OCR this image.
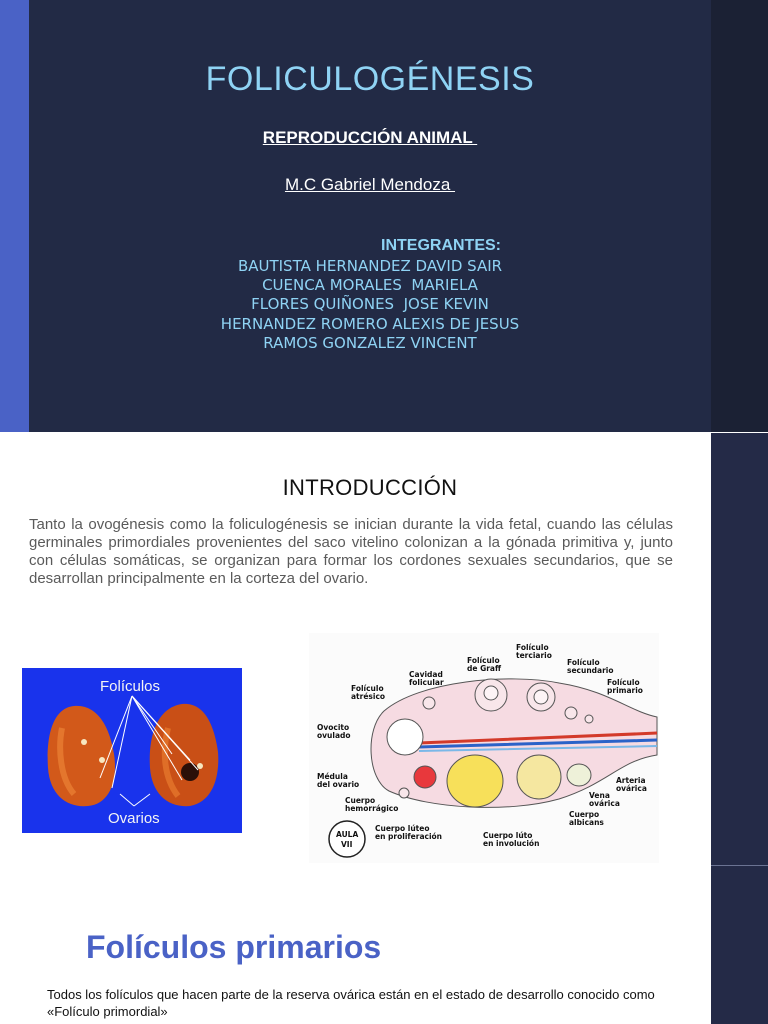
FOLICULOGÉNESIS
REPRODUCCIÓN ANIMAL
M.C Gabriel Mendoza
INTEGRANTES:
BAUTISTA HERNANDEZ DAVID SAIR
CUENCA MORALES  MARIELA
FLORES QUIÑONES  JOSE KEVIN
HERNANDEZ ROMERO ALEXIS DE JESUS
RAMOS GONZALEZ VINCENT
INTRODUCCIÓN

Tanto la ovogénesis como la foliculogénesis se inician durante la vida fetal, cuando las células germinales primordiales provenientes del saco vitelino colonizan a la gónada primitiva y, junto con células somáticas, se organizan para formar los cordones sexuales secundarios, que se desarrollan principalmente en la corteza del ovario.

Folículos
Ovarios
Folículo
terciario
Folículo
de Graff
Folículo
secundario
Cavidad
folicular	Folículo
primario
Folículo
atrésico
Ovocito
ovulado
Médula
del ovario
Cuerpo
hemorrágico
Arteria
ovárica
Vena
ovárica
Cuerpo
albicans
Cuerpo lúteo
en proliferación	Cuerpo lúto
en involución
AULA
VII
Folículos primarios

Todos los folículos que hacen parte de la reserva ovárica están en el estado de desarrollo conocido como «Folículo primordial»
